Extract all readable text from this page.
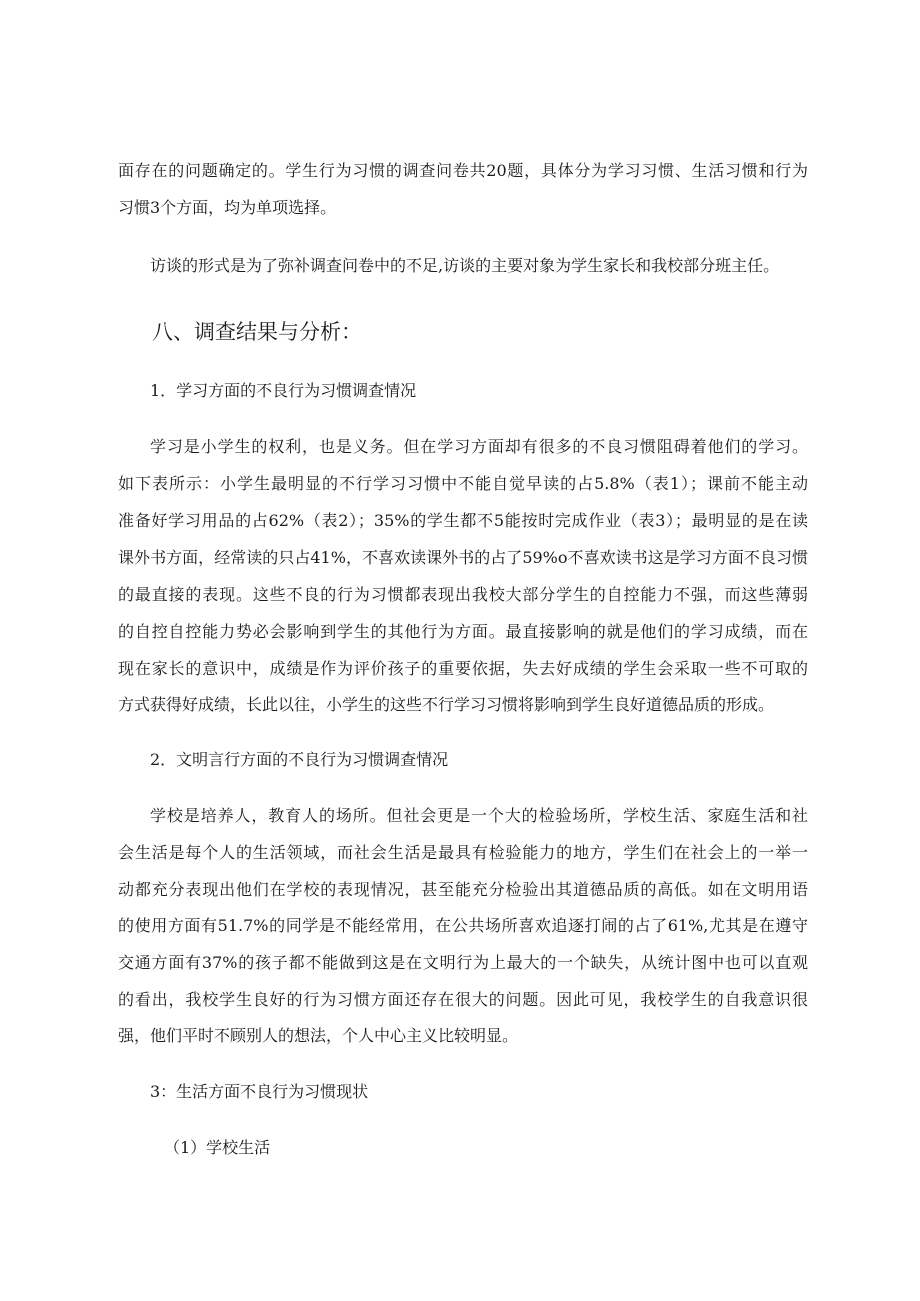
面存在的问题确定的。学生行为习惯的调查问卷共20题，具体分为学习习惯、生活习惯和行为
习惯3个方面，均为单项选择。
访谈的形式是为了弥补调查问卷中的不足,访谈的主要对象为学生家长和我校部分班主任。
八、调查结果与分析：
1．学习方面的不良行为习惯调查情况
学习是小学生的权利，也是义务。但在学习方面却有很多的不良习惯阻碍着他们的学习。
如下表所示：小学生最明显的不行学习习惯中不能自觉早读的占5.8%（表1）；课前不能主动
准备好学习用品的占62%（表2）；35%的学生都不5能按时完成作业（表3）；最明显的是在读
课外书方面，经常读的只占41%，不喜欢读课外书的占了59%o不喜欢读书这是学习方面不良习惯
的最直接的表现。这些不良的行为习惯都表现出我校大部分学生的自控能力不强，而这些薄弱
的自控自控能力势必会影响到学生的其他行为方面。最直接影响的就是他们的学习成绩，而在
现在家长的意识中，成绩是作为评价孩子的重要依据，失去好成绩的学生会采取一些不可取的
方式获得好成绩，长此以往，小学生的这些不行学习习惯将影响到学生良好道德品质的形成。
2．文明言行方面的不良行为习惯调查情况
学校是培养人，教育人的场所。但社会更是一个大的检验场所，学校生活、家庭生活和社
会生活是每个人的生活领域，而社会生活是最具有检验能力的地方，学生们在社会上的一举一
动都充分表现出他们在学校的表现情况，甚至能充分检验出其道德品质的高低。如在文明用语
的使用方面有51.7%的同学是不能经常用，在公共场所喜欢追逐打闹的占了61%,尤其是在遵守
交通方面有37%的孩子都不能做到这是在文明行为上最大的一个缺失，从统计图中也可以直观
的看出，我校学生良好的行为习惯方面还存在很大的问题。因此可见，我校学生的自我意识很
强，他们平时不顾别人的想法，个人中心主义比较明显。
3：生活方面不良行为习惯现状
（1）学校生活
